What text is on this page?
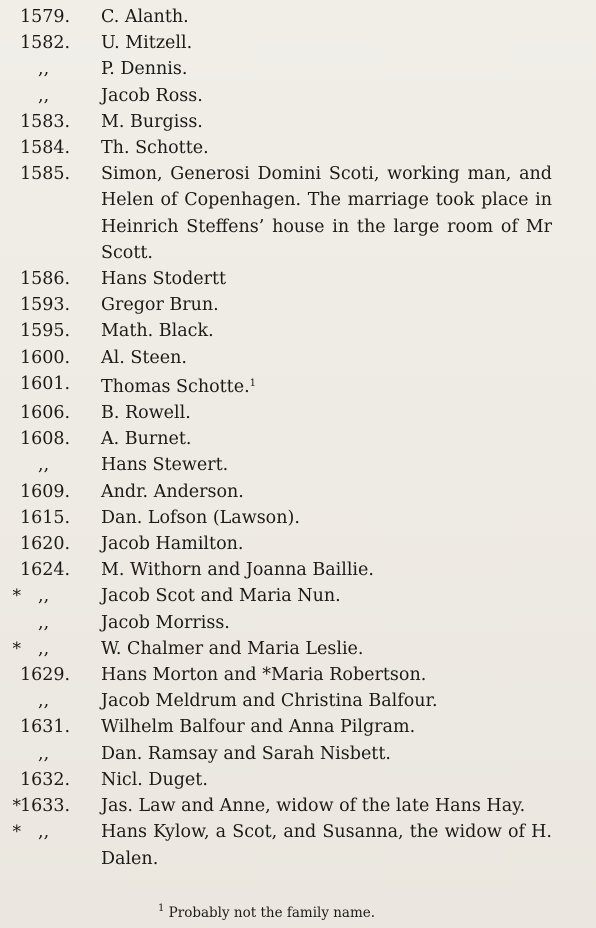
1579.	C. Alanth.
1582.	U. Mitzell.
,,	P. Dennis.
,,	Jacob Ross.
1583.	M. Burgiss.
1584.	Th. Schotte.
1585.	Simon, Generosi Domini Scoti, working man, and Helen of Copenhagen. The marriage took place in Heinrich Steffens’ house in the large room of Mr Scott.
1586.	Hans Stodertt
1593.	Gregor Brun.
1595.	Math. Black.
1600.	Al. Steen.
1601.	Thomas Schotte.$^1$
1606.	B. Rowell.
1608.	A. Burnet.
,,	Hans Stewert.
1609.	Andr. Anderson.
1615.	Dan. Lofson (Lawson).
1620.	Jacob Hamilton.
1624.	M. Withorn and Joanna Baillie.
* ,,	Jacob Scot and Maria Nun.
,,	Jacob Morriss.
* ,,	W. Chalmer and Maria Leslie.
1629.	Hans Morton and *Maria Robertson.
,,	Jacob Meldrum and Christina Balfour.
1631.	Wilhelm Balfour and Anna Pilgram.
,,	Dan. Ramsay and Sarah Nisbett.
1632.	Nicl. Duget.
* 1633.	Jas. Law and Anne, widow of the late Hans Hay.
* ,,	Hans Kylow, a Scot, and Susanna, the widow of H. Dalen.
$^1$ Probably not the family name.
